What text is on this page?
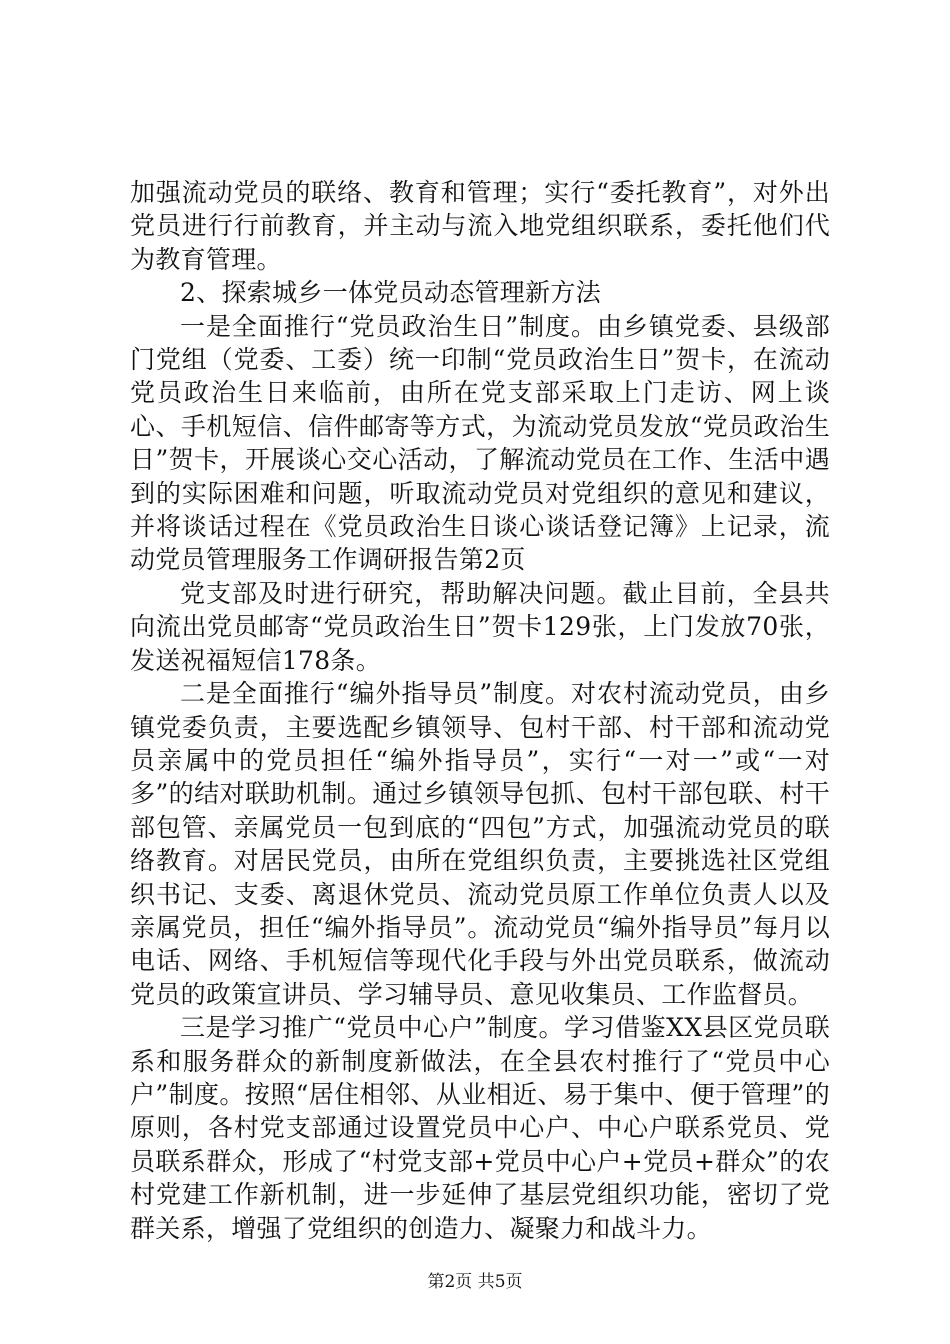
加强流动党员的联络、教育和管理；实行“委托教育”，对外出党员进行行前教育，并主动与流入地党组织联系，委托他们代为教育管理。

2、探索城乡一体党员动态管理新方法

一是全面推行“党员政治生日”制度。由乡镇党委、县级部门党组（党委、工委）统一印制“党员政治生日”贺卡，在流动党员政治生日来临前，由所在党支部采取上门走访、网上谈心、手机短信、信件邮寄等方式，为流动党员发放“党员政治生日”贺卡，开展谈心交心活动，了解流动党员在工作、生活中遇到的实际困难和问题，听取流动党员对党组织的意见和建议，并将谈话过程在《党员政治生日谈心谈话登记簿》上记录，流动党员管理服务工作调研报告第2页

党支部及时进行研究，帮助解决问题。截止目前，全县共向流出党员邮寄“党员政治生日”贺卡129张，上门发放70张，发送祝福短信178条。

二是全面推行“编外指导员”制度。对农村流动党员，由乡镇党委负责，主要选配乡镇领导、包村干部、村干部和流动党员亲属中的党员担任“编外指导员”，实行“一对一”或“一对多”的结对联助机制。通过乡镇领导包抓、包村干部包联、村干部包管、亲属党员一包到底的“四包”方式，加强流动党员的联络教育。对居民党员，由所在党组织负责，主要挑选社区党组织书记、支委、离退休党员、流动党员原工作单位负责人以及亲属党员，担任“编外指导员”。流动党员“编外指导员”每月以电话、网络、手机短信等现代化手段与外出党员联系，做流动党员的政策宣讲员、学习辅导员、意见收集员、工作监督员。

三是学习推广“党员中心户”制度。学习借鉴XX县区党员联系和服务群众的新制度新做法，在全县农村推行了“党员中心户”制度。按照“居住相邻、从业相近、易于集中、便于管理”的原则，各村党支部通过设置党员中心户、中心户联系党员、党员联系群众，形成了“村党支部+党员中心户+党员+群众”的农村党建工作新机制，进一步延伸了基层党组织功能，密切了党群关系，增强了党组织的创造力、凝聚力和战斗力。

第2页 共5页
